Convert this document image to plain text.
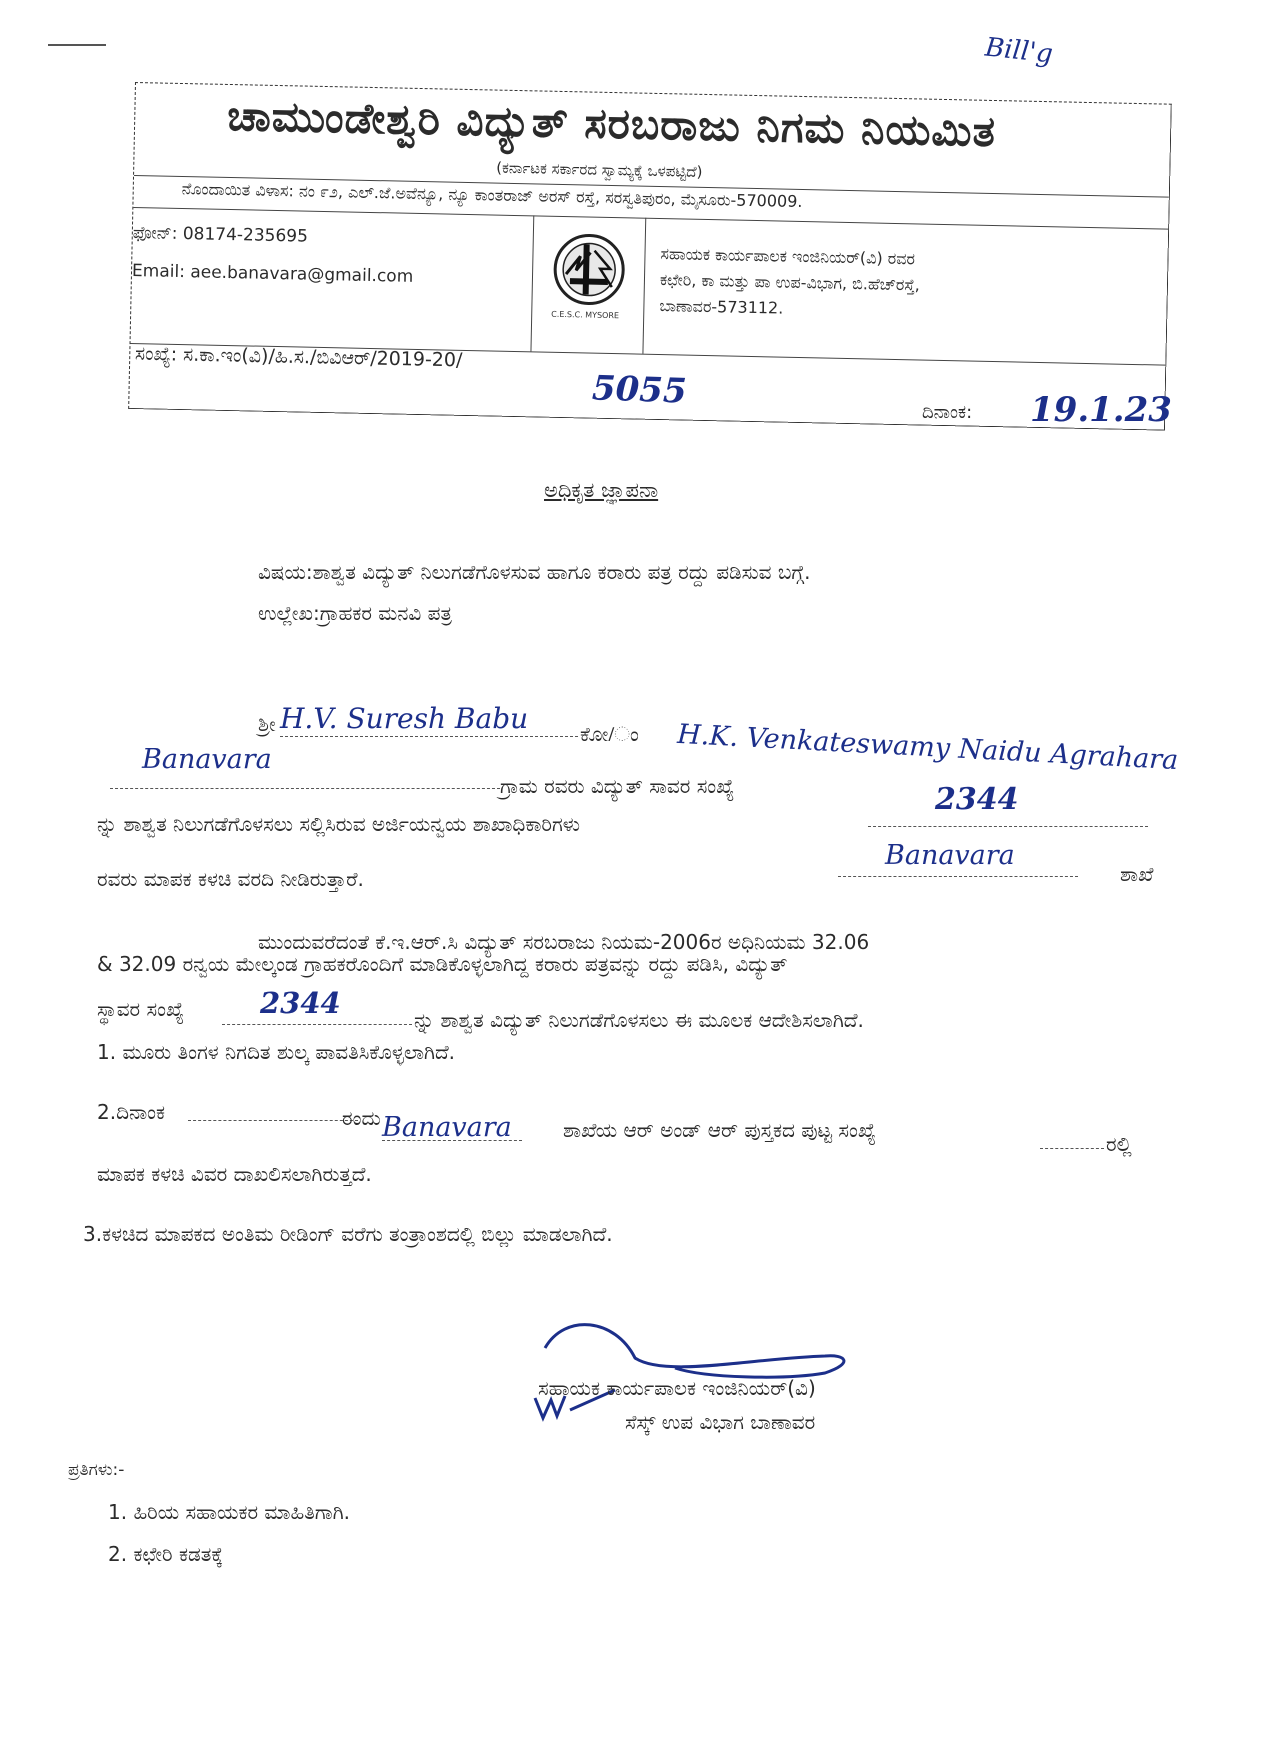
Bill'g
ಚಾಮುಂಡೇಶ್ವರಿ ವಿದ್ಯುತ್ ಸರಬರಾಜು ನಿಗಮ ನಿಯಮಿತ
(ಕರ್ನಾಟಕ ಸರ್ಕಾರದ ಸ್ವಾಮ್ಯಕ್ಕೆ ಒಳಪಟ್ಟಿದೆ)
ನೊಂದಾಯಿತ ವಿಳಾಸ: ನಂ ೯೨, ಎಲ್.ಜೆ.ಅವೆನ್ಯೂ, ನ್ಯೂ ಕಾಂತರಾಜ್ ಅರಸ್ ರಸ್ತೆ, ಸರಸ್ವತಿಪುರಂ, ಮೈಸೂರು-570009.
ಫೋನ್: 08174-235695
Email: aee.banavara@gmail.com
C.E.S.C. MYSORE
ಸಹಾಯಕ ಕಾರ್ಯಪಾಲಕ ಇಂಜಿನಿಯರ್(ವಿ) ರವರ
ಕಛೇರಿ, ಕಾ ಮತ್ತು ಪಾ ಉಪ-ವಿಭಾಗ, ಬಿ.ಹೆಚ್‌ರಸ್ತೆ,
ಬಾಣಾವರ-573112.
ಸಂಖ್ಯೆ: ಸ.ಕಾ.ಇಂ(ವಿ)/ಹಿ.ಸ./ಬಿವಿಆರ್/2019-20/
5055
ದಿನಾಂಕ: 19.1.23
ಅಧಿಕೃತ ಜ್ಞಾಪನಾ
ವಿಷಯ:ಶಾಶ್ವತ ವಿದ್ಯುತ್ ನಿಲುಗಡೆಗೊಳಸುವ ಹಾಗೂ ಕರಾರು ಪತ್ರ ರದ್ದು ಪಡಿಸುವ ಬಗ್ಗೆ.
ಉಲ್ಲೇಖ:ಗ್ರಾಹಕರ ಮನವಿ ಪತ್ರ
ಶ್ರೀ H.V. Suresh Babu	ಕೋ/ಂ H.K. Venkateswamy Naidu Agrahara
Banavara
ಗ್ರಾಮ ರವರು ವಿದ್ಯುತ್ ಸಾವರ ಸಂಖ್ಯೆ	2344
ನ್ನು ಶಾಶ್ವತ ನಿಲುಗಡೆಗೊಳಸಲು ಸಲ್ಲಿಸಿರುವ ಅರ್ಜಿಯನ್ವಯ ಶಾಖಾಧಿಕಾರಿಗಳು
Banavara
ಶಾಖೆ
ರವರು ಮಾಪಕ ಕಳಚಿ ವರದಿ ನೀಡಿರುತ್ತಾರೆ.
ಮುಂದುವರೆದಂತೆ ಕೆ.ಇ.ಆರ್.ಸಿ ವಿದ್ಯುತ್ ಸರಬರಾಜು ನಿಯಮ-2006ರ ಅಧಿನಿಯಮ 32.06
& 32.09 ರನ್ವಯ ಮೇಲ್ಕಂಡ ಗ್ರಾಹಕರೊಂದಿಗೆ ಮಾಡಿಕೊಳ್ಳಲಾಗಿದ್ದ ಕರಾರು ಪತ್ರವನ್ನು ರದ್ದು ಪಡಿಸಿ, ವಿದ್ಯುತ್
ಸ್ಥಾವರ ಸಂಖ್ಯೆ	2344	ನ್ನು ಶಾಶ್ವತ ವಿದ್ಯುತ್ ನಿಲುಗಡೆಗೊಳಸಲು ಈ ಮೂಲಕ ಆದೇಶಿಸಲಾಗಿದೆ.
1. ಮೂರು ತಿಂಗಳ ನಿಗದಿತ ಶುಲ್ಕ ಪಾವತಿಸಿಕೊಳ್ಳಲಾಗಿದೆ.
2.ದಿನಾಂಕ	ರಂದು Banavara	ಶಾಖೆಯ ಆರ್ ಅಂಡ್ ಆರ್ ಪುಸ್ತಕದ ಪುಟ್ಟ ಸಂಖ್ಯೆ
ರಲ್ಲಿ
ಮಾಪಕ ಕಳಚಿ ವಿವರ ದಾಖಲಿಸಲಾಗಿರುತ್ತದೆ.
3.ಕಳಚಿದ ಮಾಪಕದ ಅಂತಿಮ ರೀಡಿಂಗ್ ವರೆಗು ತಂತ್ರಾಂಶದಲ್ಲಿ ಬಿಲ್ಲು ಮಾಡಲಾಗಿದೆ.
ಸಹಾಯಕ ಕಾರ್ಯಪಾಲಕ ಇಂಜಿನಿಯರ್(ವಿ)
ಸೆಸ್ಕ್ ಉಪ ವಿಭಾಗ ಬಾಣಾವರ
ಪ್ರತಿಗಳು:-
1. ಹಿರಿಯ ಸಹಾಯಕರ ಮಾಹಿತಿಗಾಗಿ.
2. ಕಛೇರಿ ಕಡತಕ್ಕೆ
